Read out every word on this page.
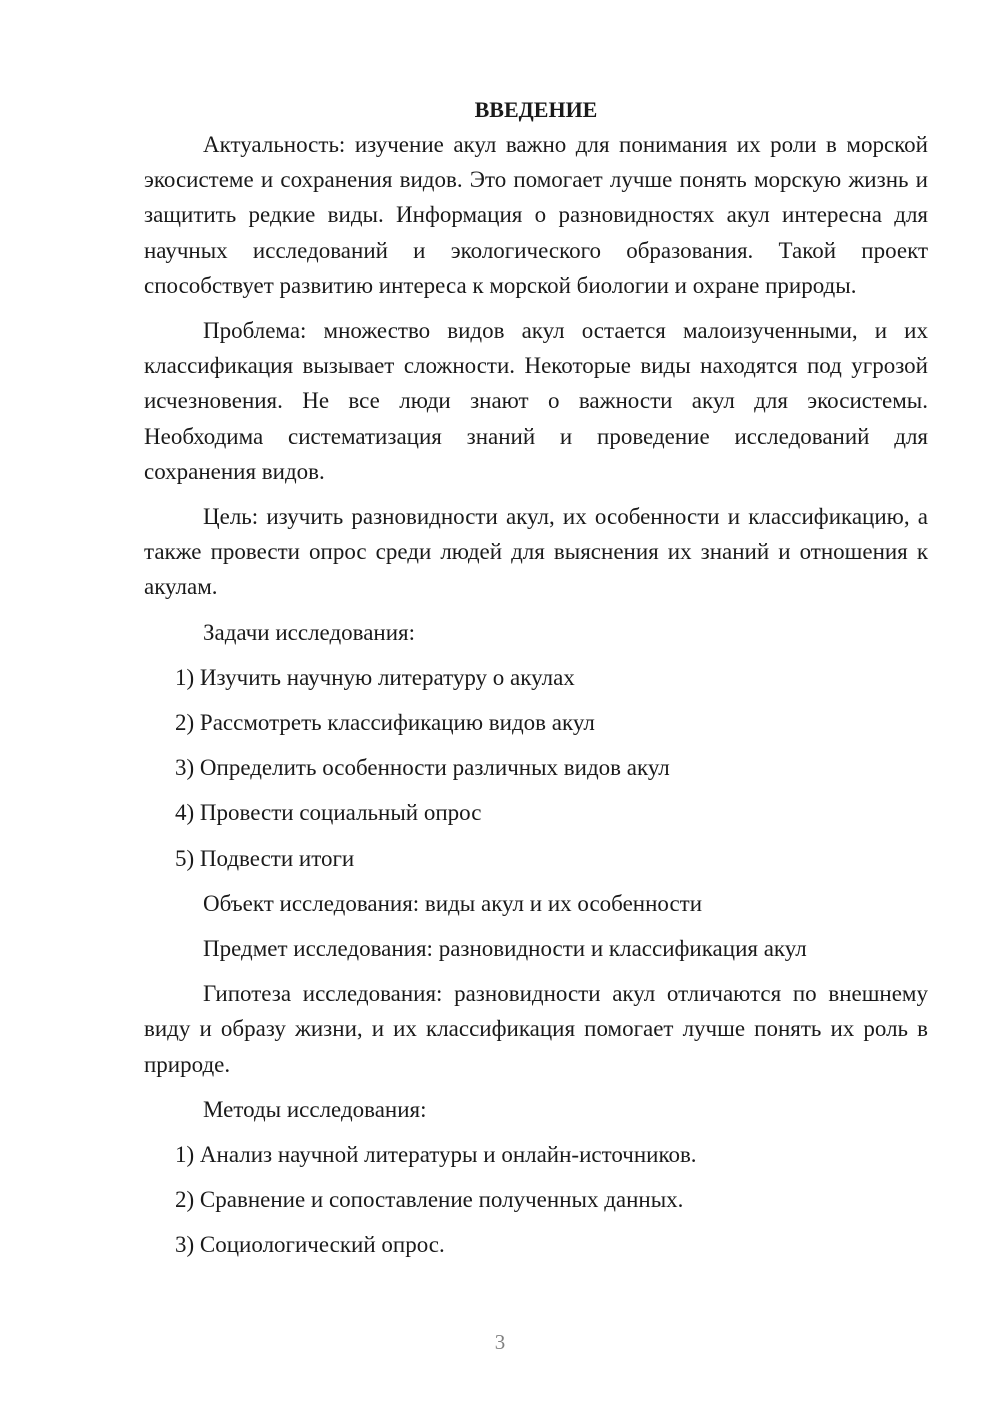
ВВЕДЕНИЕ

Актуальность: изучение акул важно для понимания их роли в морской экосистеме и сохранения видов. Это помогает лучше понять морскую жизнь и защитить редкие виды. Информация о разновидностях акул интересна для научных исследований и экологического образования. Такой проект способствует развитию интереса к морской биологии и охране природы.

Проблема: множество видов акул остается малоизученными, и их классификация вызывает сложности. Некоторые виды находятся под угрозой исчезновения. Не все люди знают о важности акул для экосистемы. Необходима систематизация знаний и проведение исследований для сохранения видов.

Цель: изучить разновидности акул, их особенности и классификацию, а также провести опрос среди людей для выяснения их знаний и отношения к акулам.

Задачи исследования:

1) Изучить научную литературу о акулах

2) Рассмотреть классификацию видов акул

3) Определить особенности различных видов акул

4) Провести социальный опрос

5) Подвести итоги

Объект исследования: виды акул и их особенности

Предмет исследования: разновидности и классификация акул

Гипотеза исследования: разновидности акул отличаются по внешнему виду и образу жизни, и их классификация помогает лучше понять их роль в природе.

Методы исследования:

1) Анализ научной литературы и онлайн-источников.

2) Сравнение и сопоставление полученных данных.

3) Социологический опрос.

3
